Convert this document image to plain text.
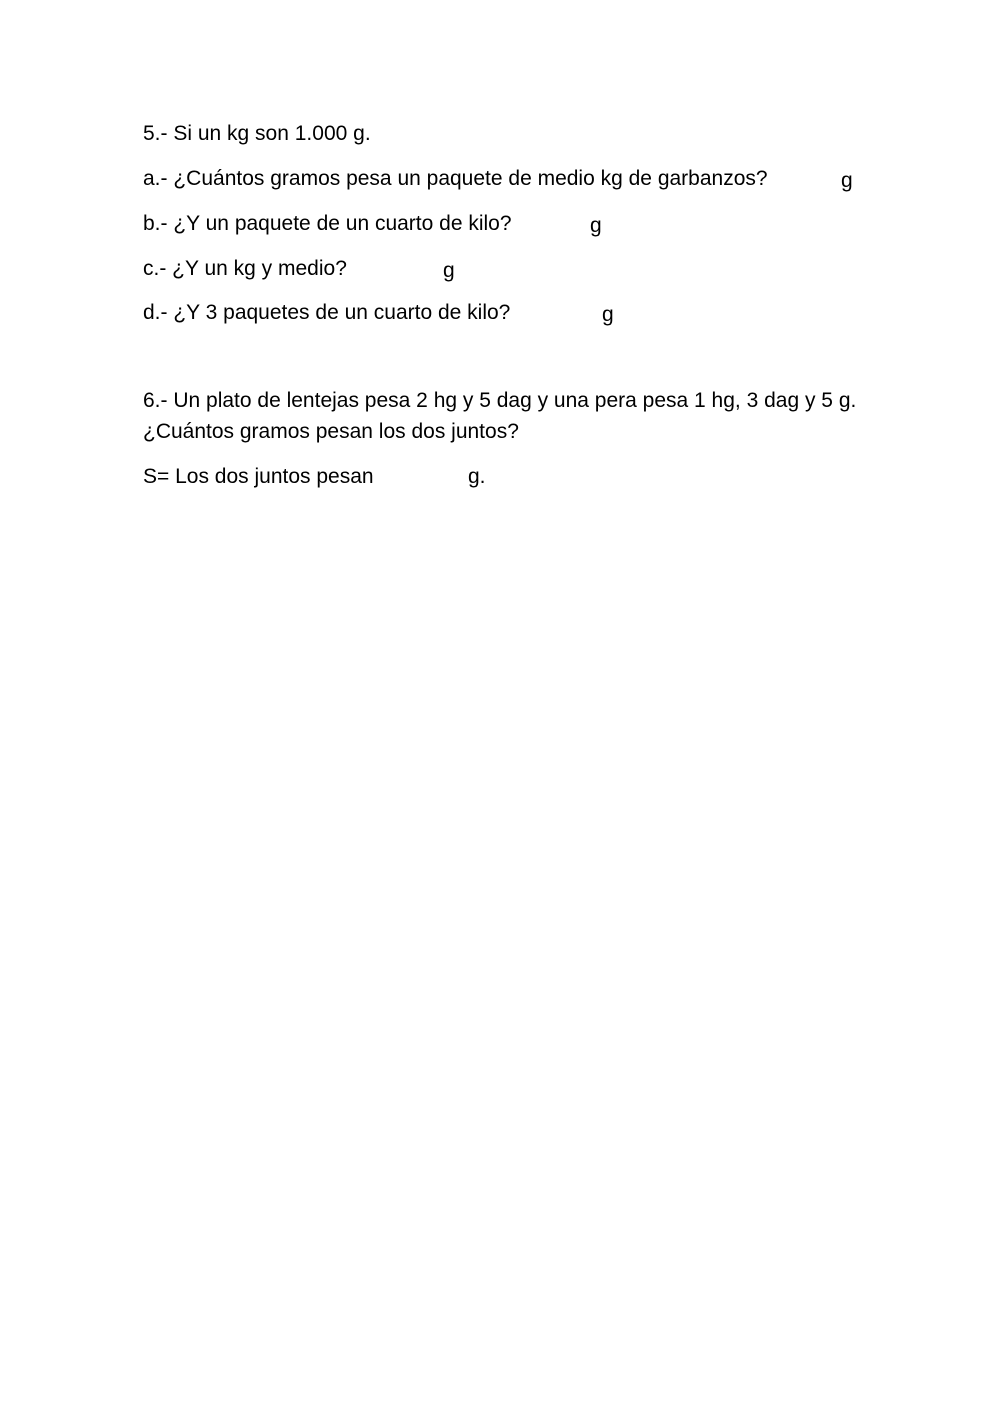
5.- Si un kg son 1.000 g.
a.- ¿Cuántos gramos pesa un paquete de medio kg de garbanzos?	g
b.- ¿Y un paquete de un cuarto de kilo?	g
c.- ¿Y un kg y medio?	g
d.- ¿Y 3 paquetes de un cuarto de kilo?	g
6.- Un plato de lentejas pesa 2 hg y 5 dag y una pera pesa 1 hg, 3 dag y 5 g.
¿Cuántos gramos pesan los dos juntos?
S= Los dos juntos pesan	g.
